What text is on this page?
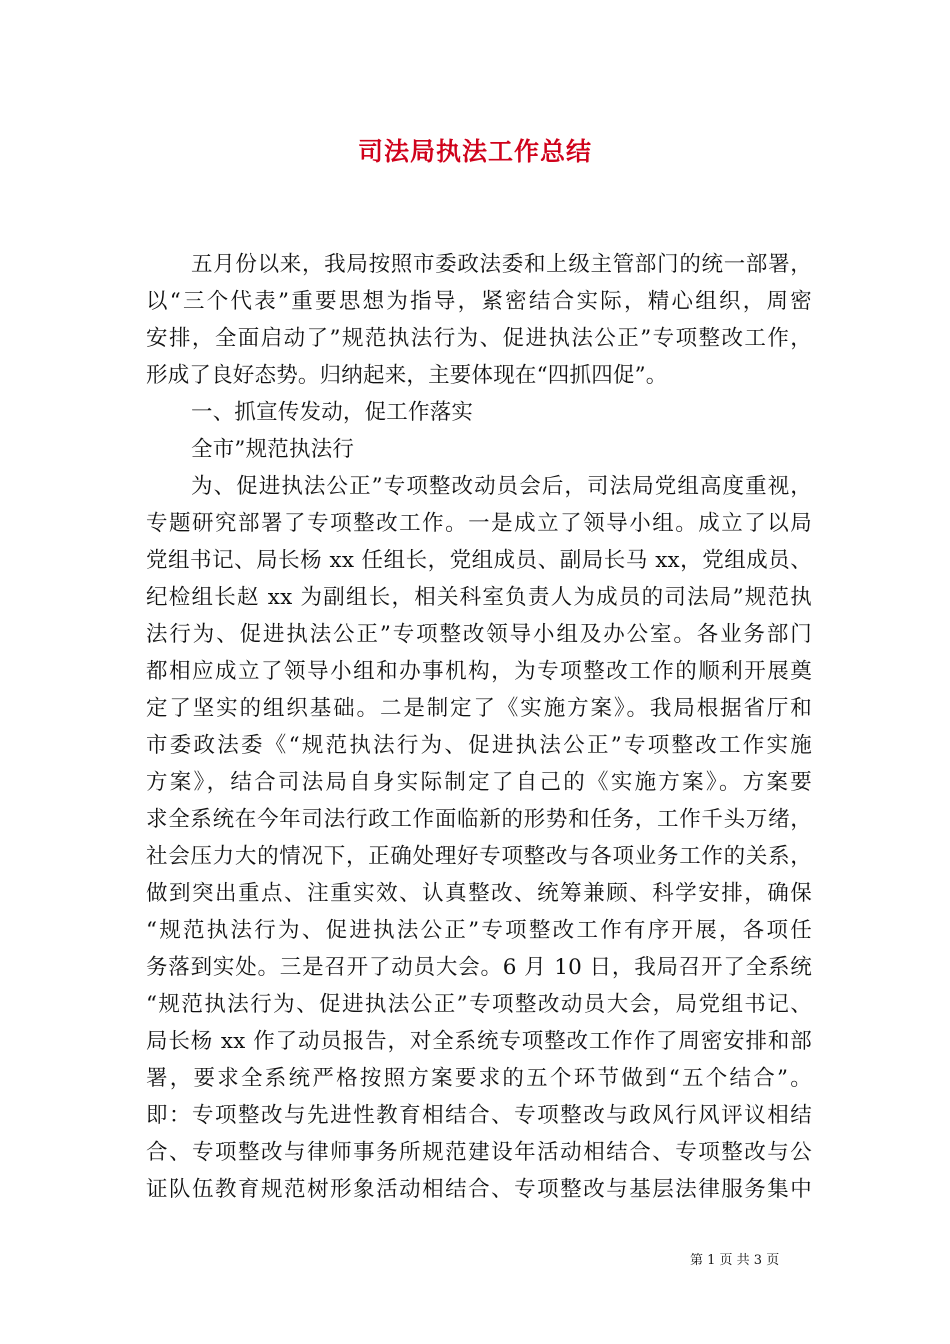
司法局执法工作总结
五月份以来，我局按照市委政法委和上级主管部门的统一部署，
以“三个代表”重要思想为指导，紧密结合实际，精心组织，周密
安排，全面启动了”规范执法行为、促进执法公正”专项整改工作，
形成了良好态势。归纳起来，主要体现在“四抓四促”。
一、抓宣传发动，促工作落实
全市”规范执法行
为、促进执法公正”专项整改动员会后，司法局党组高度重视，
专题研究部署了专项整改工作。一是成立了领导小组。成立了以局
党组书记、局长杨 xx 任组长，党组成员、副局长马 xx，党组成员、
纪检组长赵 xx 为副组长，相关科室负责人为成员的司法局”规范执
法行为、促进执法公正”专项整改领导小组及办公室。各业务部门
都相应成立了领导小组和办事机构，为专项整改工作的顺利开展奠
定了坚实的组织基础。二是制定了《实施方案》。我局根据省厅和
市委政法委《“规范执法行为、促进执法公正”专项整改工作实施
方案》，结合司法局自身实际制定了自己的《实施方案》。方案要
求全系统在今年司法行政工作面临新的形势和任务，工作千头万绪，
社会压力大的情况下，正确处理好专项整改与各项业务工作的关系，
做到突出重点、注重实效、认真整改、统筹兼顾、科学安排，确保
“规范执法行为、促进执法公正”专项整改工作有序开展，各项任
务落到实处。三是召开了动员大会。6 月 10 日，我局召开了全系统
“规范执法行为、促进执法公正”专项整改动员大会，局党组书记、
局长杨 xx 作了动员报告，对全系统专项整改工作作了周密安排和部
署，要求全系统严格按照方案要求的五个环节做到“五个结合”。
即：专项整改与先进性教育相结合、专项整改与政风行风评议相结
合、专项整改与律师事务所规范建设年活动相结合、专项整改与公
证队伍教育规范树形象活动相结合、专项整改与基层法律服务集中
第 1 页 共 3 页
